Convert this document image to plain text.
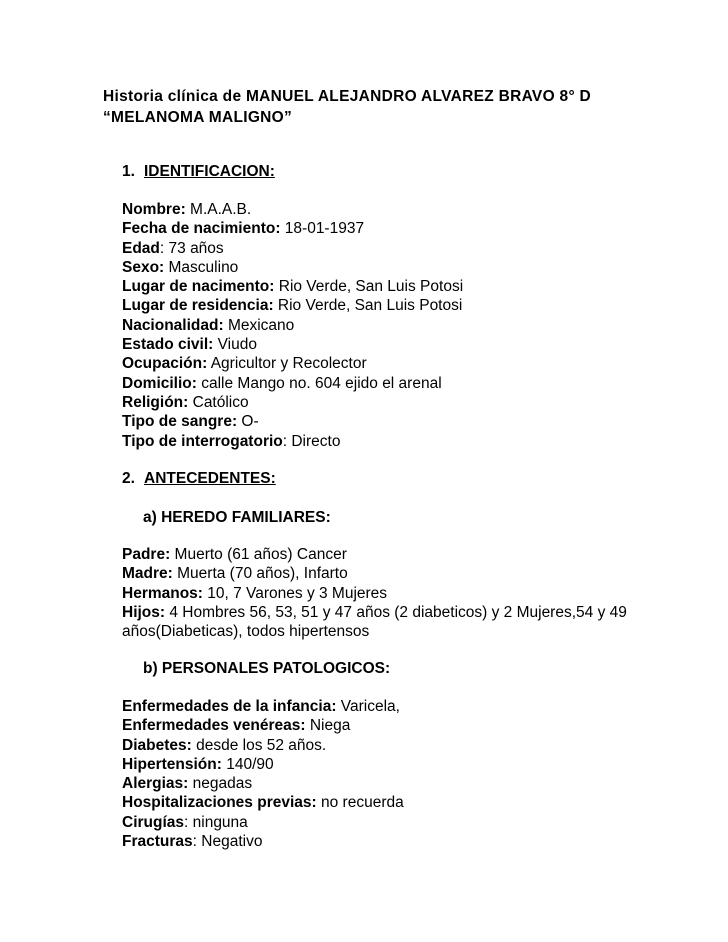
Historia clínica de MANUEL ALEJANDRO ALVAREZ BRAVO 8° D
“MELANOMA MALIGNO”
1. IDENTIFICACION:
Nombre: M.A.A.B.
Fecha de nacimiento: 18-01-1937
Edad: 73 años
Sexo: Masculino
Lugar de nacimento: Rio Verde, San Luis Potosi
Lugar de residencia: Rio Verde, San Luis Potosi
Nacionalidad: Mexicano
Estado civil: Viudo
Ocupación: Agricultor y Recolector
Domicilio: calle Mango no. 604 ejido el arenal
Religión: Católico
Tipo de sangre: O-
Tipo de interrogatorio: Directo
2. ANTECEDENTES:
a) HEREDO FAMILIARES:
Padre: Muerto (61 años) Cancer
Madre: Muerta (70 años), Infarto
Hermanos: 10, 7 Varones y 3 Mujeres
Hijos: 4 Hombres 56, 53, 51 y 47 años (2 diabeticos) y 2 Mujeres,54 y 49 años(Diabeticas), todos hipertensos
b) PERSONALES PATOLOGICOS:
Enfermedades de la infancia: Varicela,
Enfermedades venéreas: Niega
Diabetes: desde los 52 años.
Hipertensión: 140/90
Alergias: negadas
Hospitalizaciones previas: no recuerda
Cirugías: ninguna
Fracturas: Negativo
